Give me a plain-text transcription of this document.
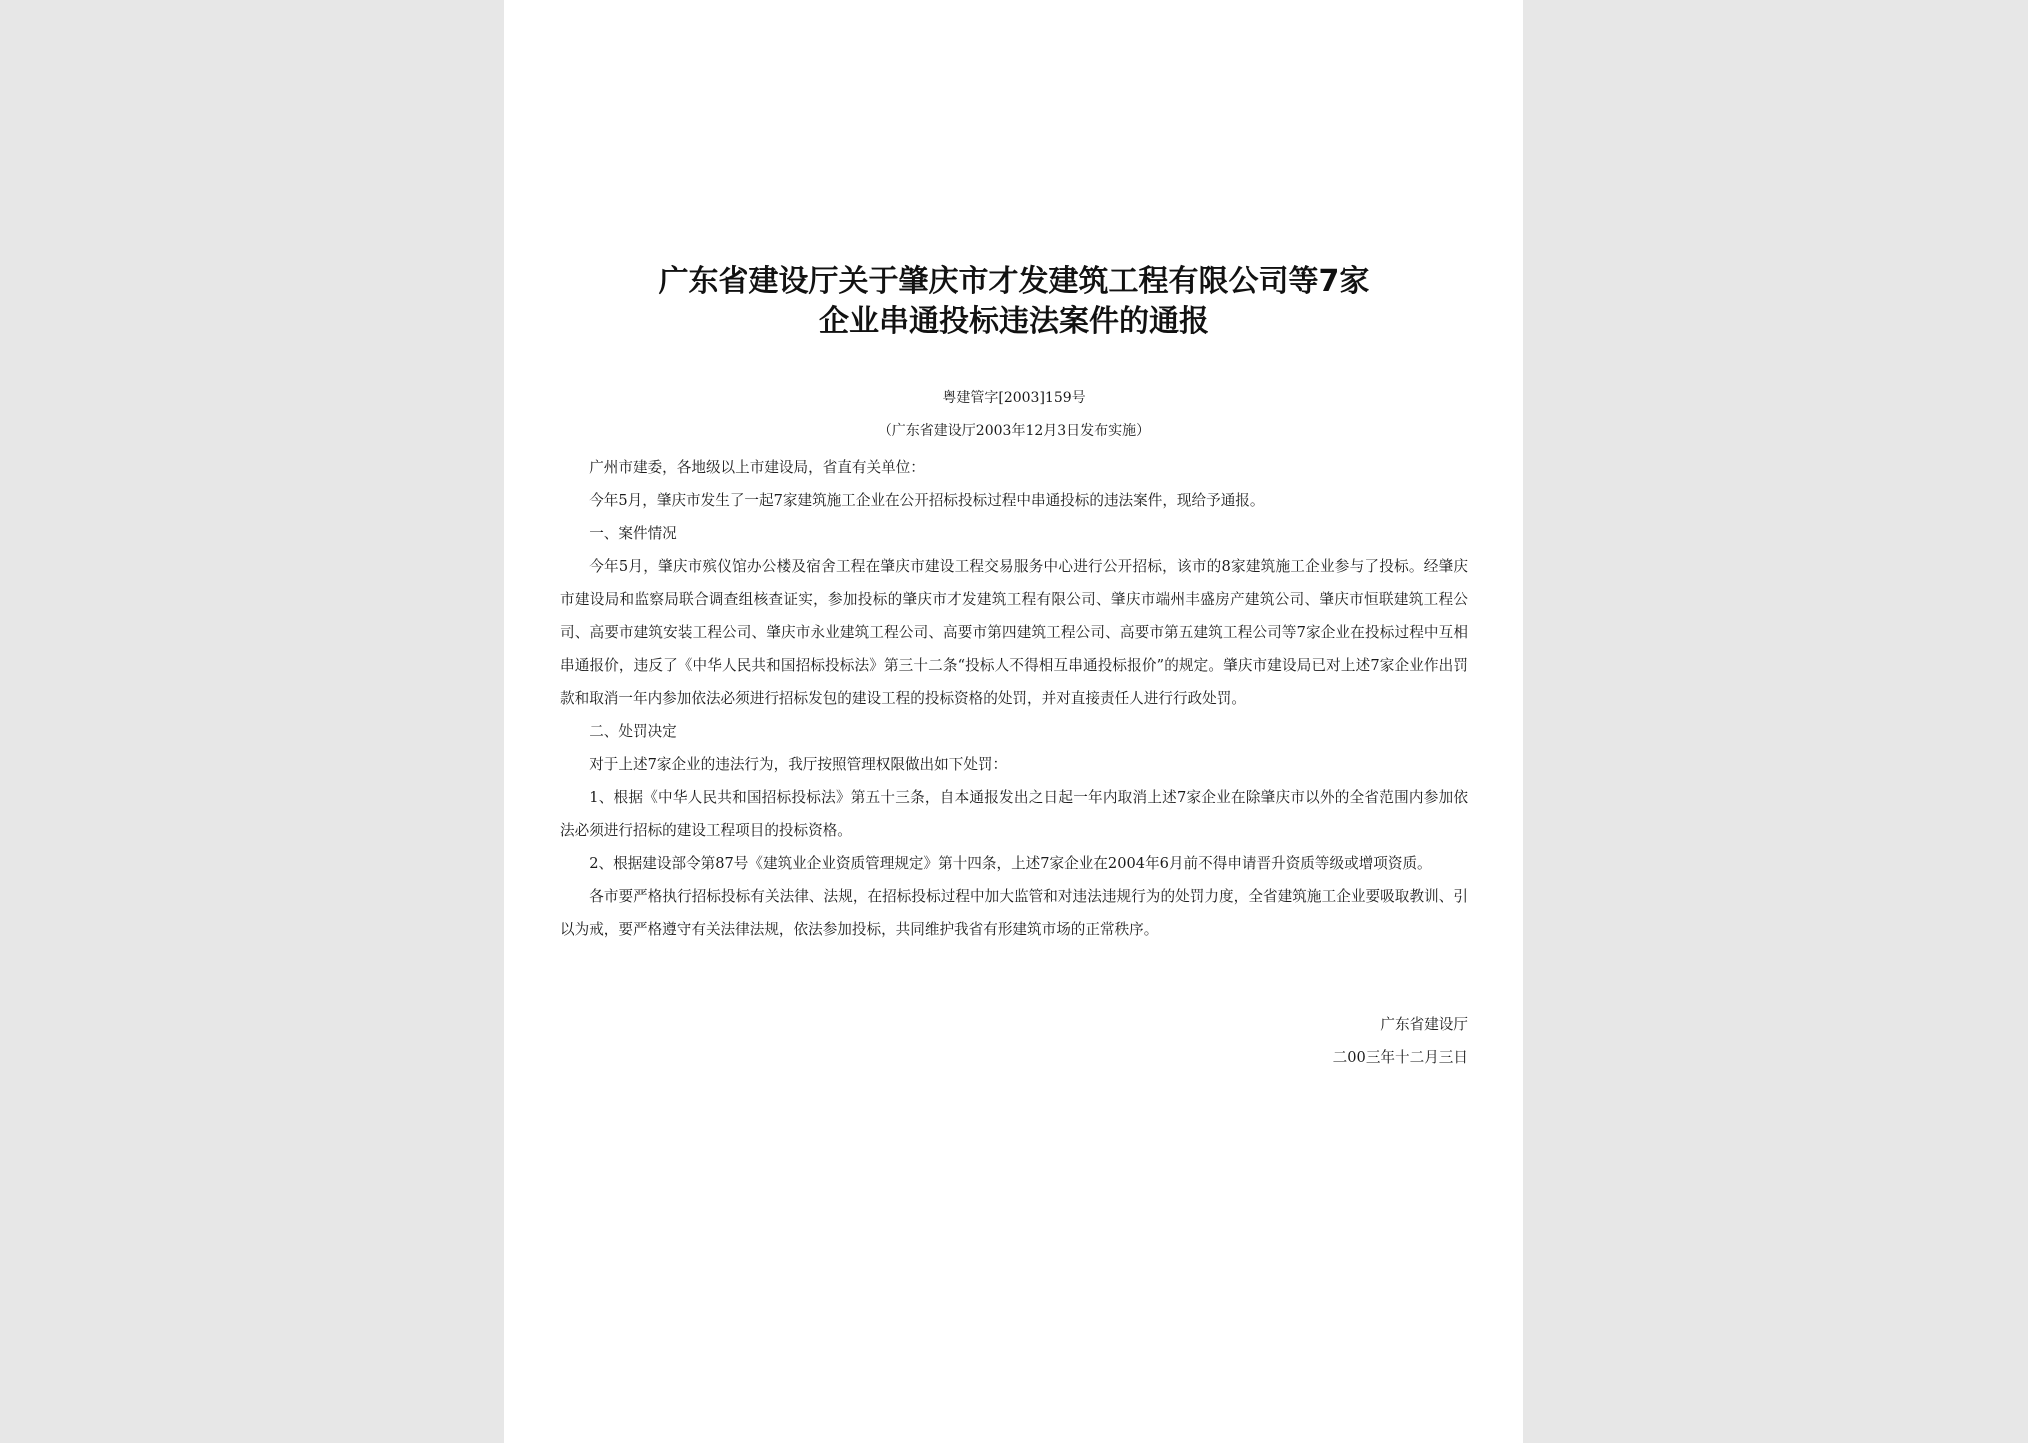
广东省建设厅关于肇庆市才发建筑工程有限公司等7家
企业串通投标违法案件的通报
粤建管字[2003]159号
（广东省建设厅2003年12月3日发布实施）

广州市建委，各地级以上市建设局，省直有关单位：

今年5月，肇庆市发生了一起7家建筑施工企业在公开招标投标过程中串通投标的违法案件，现给予通报。

一、案件情况

今年5月，肇庆市殡仪馆办公楼及宿舍工程在肇庆市建设工程交易服务中心进行公开招标，该市的8家建筑施工企业参与了投标。经肇庆市建设局和监察局联合调查组核查证实，参加投标的肇庆市才发建筑工程有限公司、肇庆市端州丰盛房产建筑公司、肇庆市恒联建筑工程公司、高要市建筑安装工程公司、肇庆市永业建筑工程公司、高要市第四建筑工程公司、高要市第五建筑工程公司等7家企业在投标过程中互相串通报价，违反了《中华人民共和国招标投标法》第三十二条“投标人不得相互串通投标报价”的规定。肇庆市建设局已对上述7家企业作出罚款和取消一年内参加依法必须进行招标发包的建设工程的投标资格的处罚，并对直接责任人进行行政处罚。

二、处罚决定

对于上述7家企业的违法行为，我厅按照管理权限做出如下处罚：

1、根据《中华人民共和国招标投标法》第五十三条，自本通报发出之日起一年内取消上述7家企业在除肇庆市以外的全省范围内参加依法必须进行招标的建设工程项目的投标资格。

2、根据建设部令第87号《建筑业企业资质管理规定》第十四条，上述7家企业在2004年6月前不得申请晋升资质等级或增项资质。

各市要严格执行招标投标有关法律、法规，在招标投标过程中加大监管和对违法违规行为的处罚力度，全省建筑施工企业要吸取教训、引以为戒，要严格遵守有关法律法规，依法参加投标，共同维护我省有形建筑市场的正常秩序。

广东省建设厅
二00三年十二月三日
